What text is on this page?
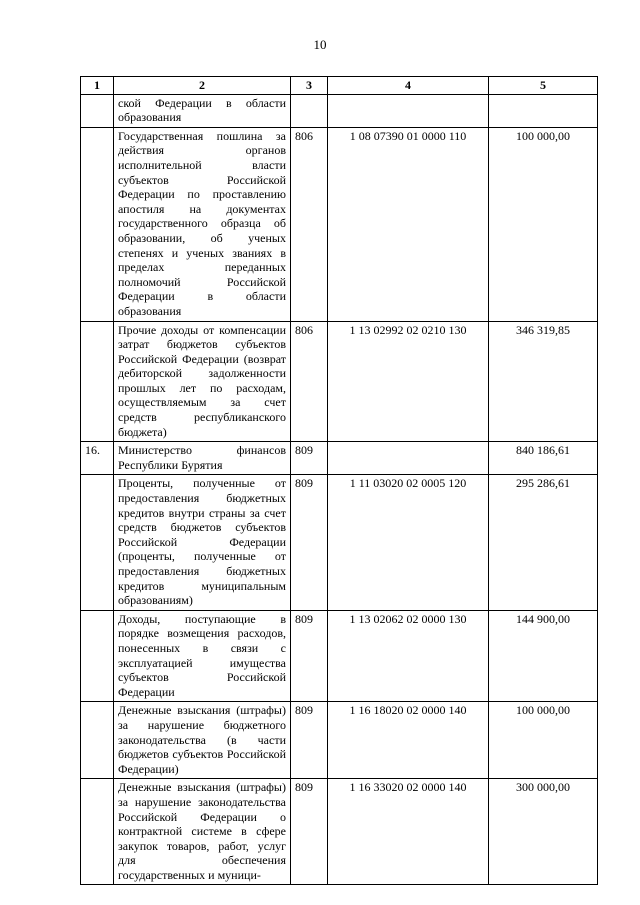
10
1	2	3	4	5
	ской Федерации в области образования			
	Государственная пошлина за действия органов исполнительной власти субъектов Российской Федерации по проставлению апостиля на документах государственного образца об образовании, об ученых степенях и ученых званиях в пределах переданных полномочий Российской Федерации в области образования	806	1 08 07390 01 0000 110	100 000,00
	Прочие доходы от компенсации затрат бюджетов субъектов Российской Федерации (возврат дебиторской задолженности прошлых лет по расходам, осуществляемым за счет средств республиканского бюджета)	806	1 13 02992 02 0210 130	346 319,85
16.	Министерство финансов Республики Бурятия	809		840 186,61
	Проценты, полученные от предоставления бюджетных кредитов внутри страны за счет средств бюджетов субъектов Российской Федерации (проценты, полученные от предоставления бюджетных кредитов муниципальным образованиям)	809	1 11 03020 02 0005 120	295 286,61
	Доходы, поступающие в порядке возмещения расходов, понесенных в связи с эксплуатацией имущества субъектов Российской Федерации	809	1 13 02062 02 0000 130	144 900,00
	Денежные взыскания (штрафы) за нарушение бюджетного законодательства (в части бюджетов субъектов Российской Федерации)	809	1 16 18020 02 0000 140	100 000,00
	Денежные взыскания (штрафы) за нарушение законодательства Российской Федерации о контрактной системе в сфере закупок товаров, работ, услуг для обеспечения государственных и муници-	809	1 16 33020 02 0000 140	300 000,00
